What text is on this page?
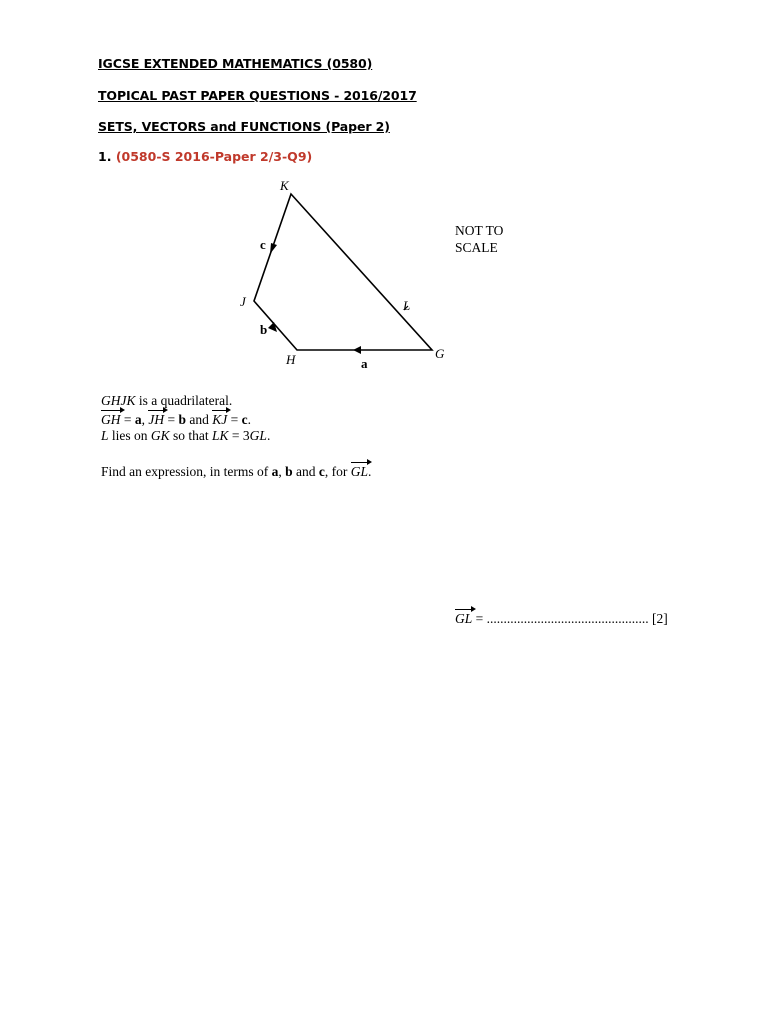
IGCSE EXTENDED MATHEMATICS (0580)
TOPICAL PAST PAPER QUESTIONS - 2016/2017
SETS, VECTORS and FUNCTIONS (Paper 2)
1. (0580-S 2016-Paper 2/3-Q9)
K
J
H	G
L
c
b
a
NOT TO
SCALE
GHJK is a quadrilateral.
GH = a, JH = b and KJ = c.
L lies on GK so that LK = 3GL.
Find an expression, in terms of a, b and c, for GL.
GL = ................................................ [2]
